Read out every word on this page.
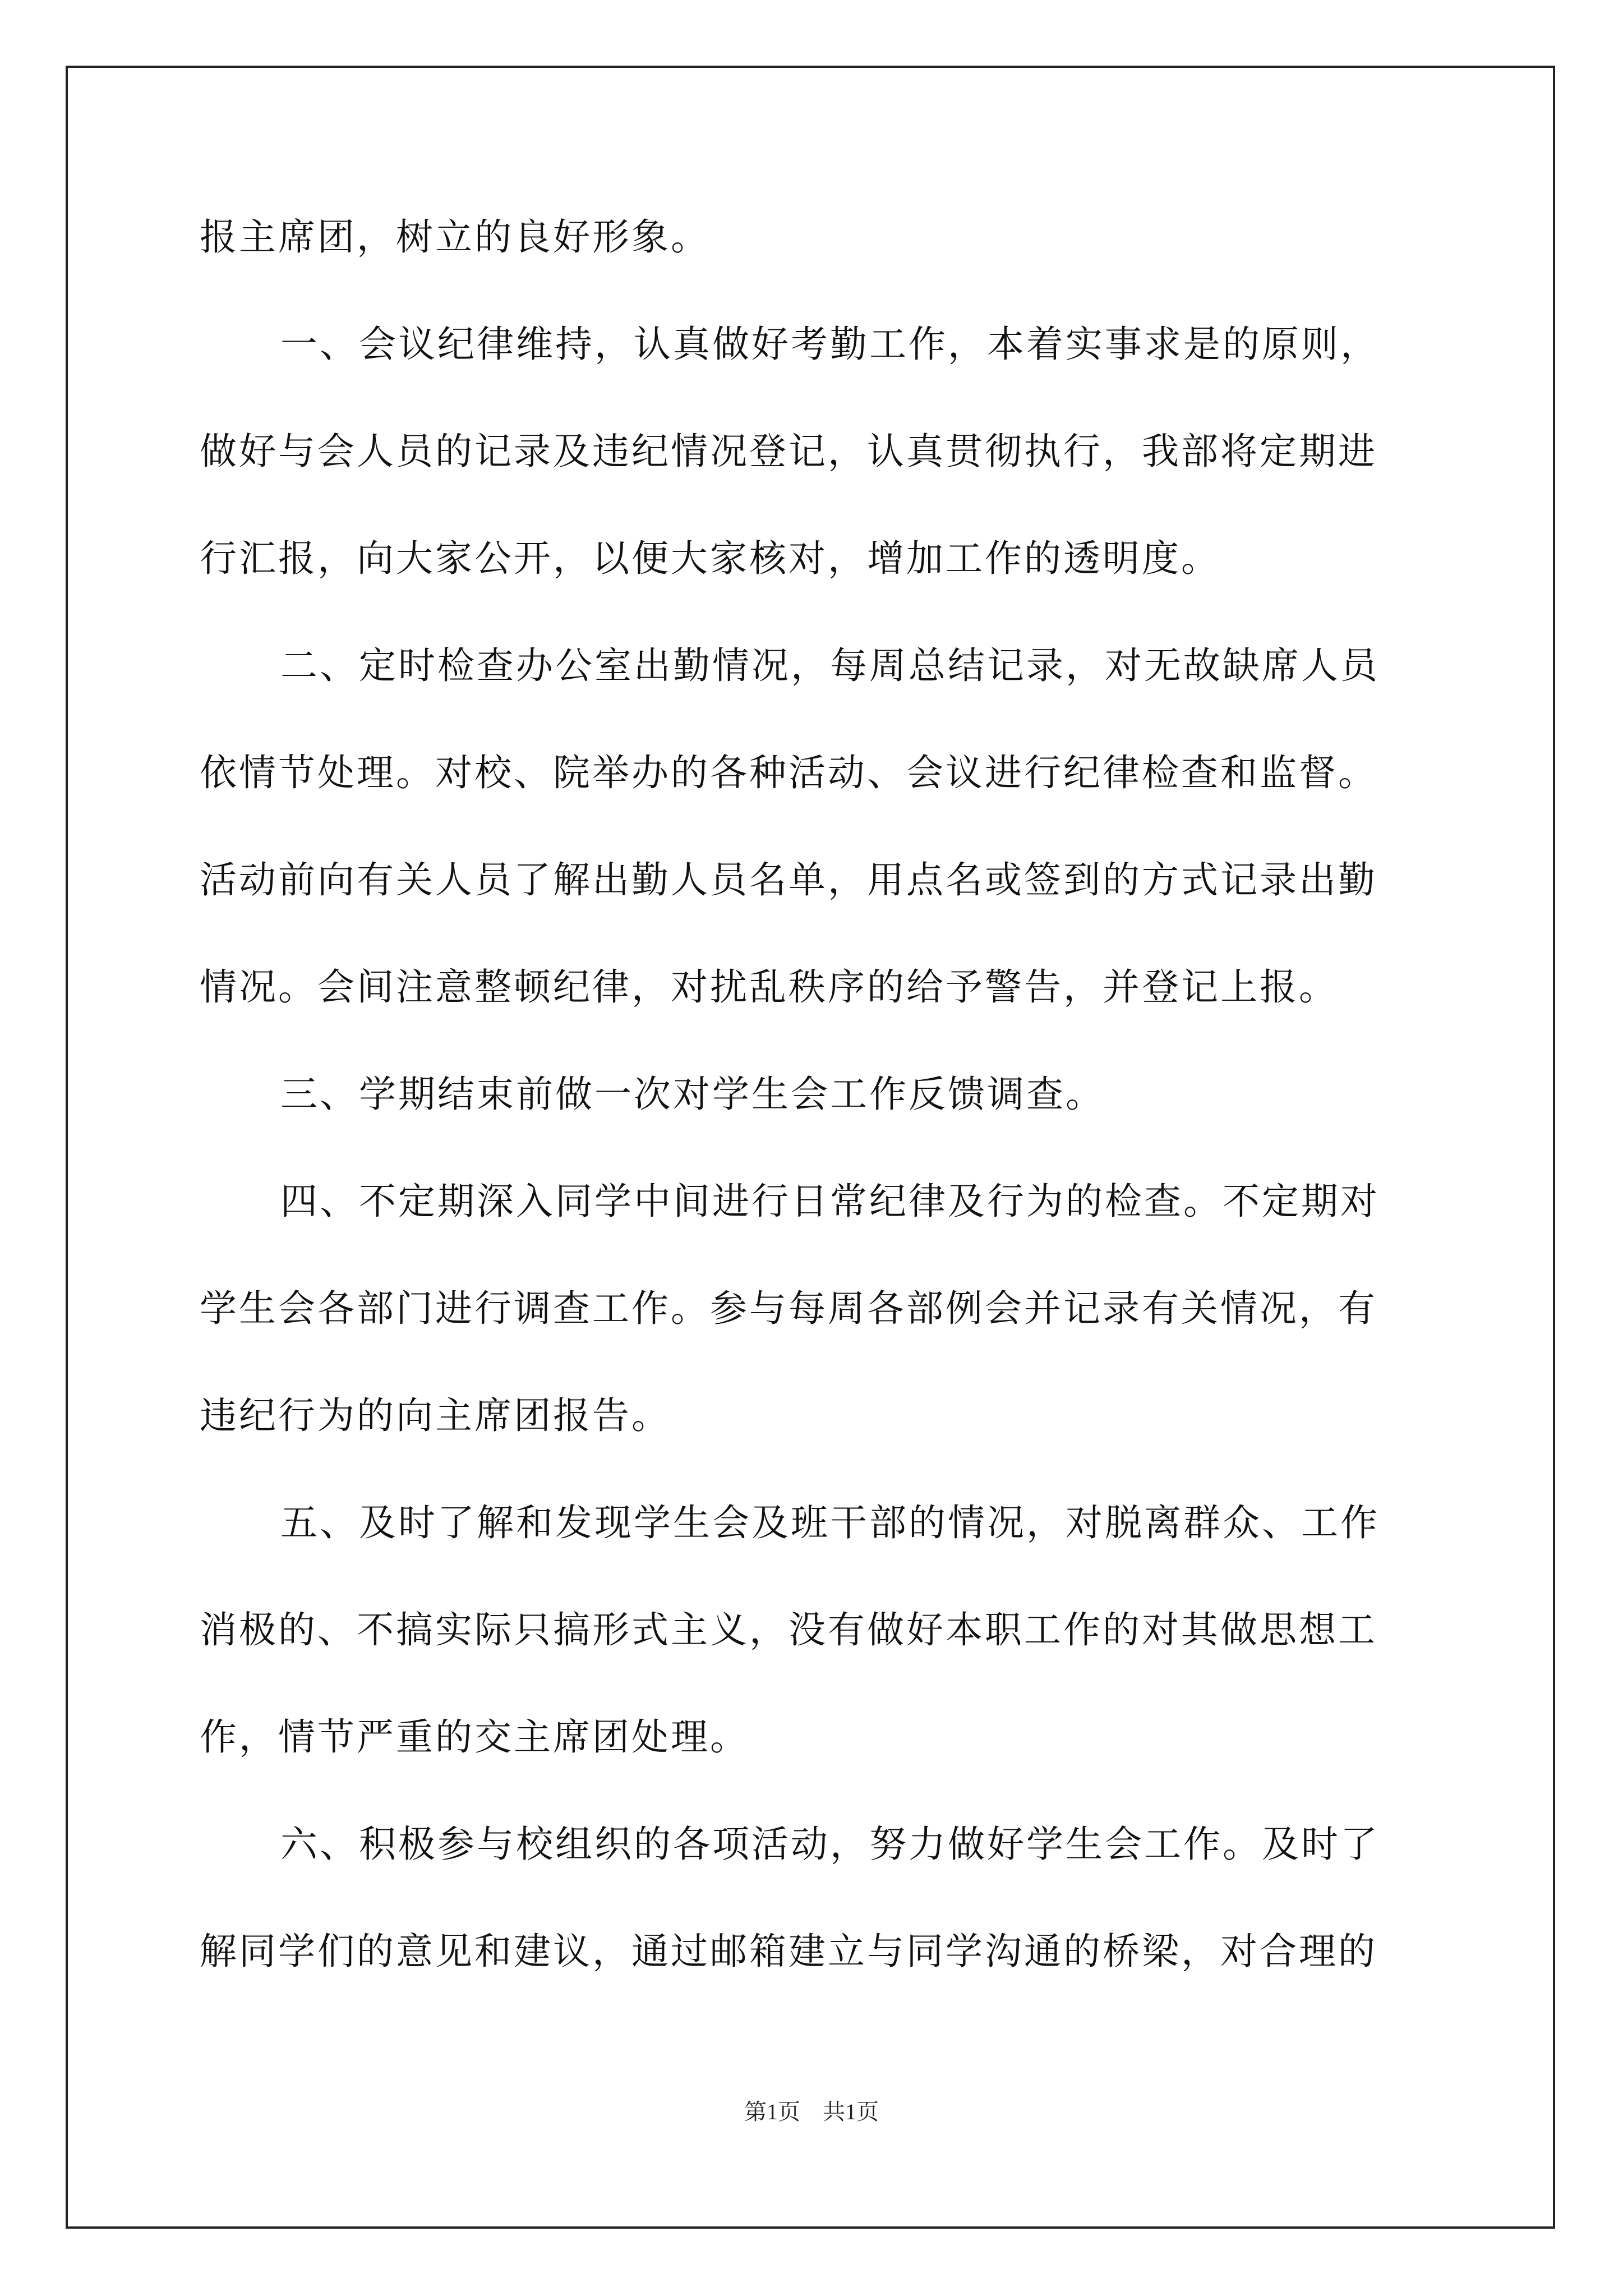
报主席团，树立的良好形象。
一、会议纪律维持，认真做好考勤工作，本着实事求是的原则，
做好与会人员的记录及违纪情况登记，认真贯彻执行，我部将定期进
行汇报，向大家公开，以便大家核对，增加工作的透明度。
二、定时检查办公室出勤情况，每周总结记录，对无故缺席人员
依情节处理。对校、院举办的各种活动、会议进行纪律检查和监督。
活动前向有关人员了解出勤人员名单，用点名或签到的方式记录出勤
情况。会间注意整顿纪律，对扰乱秩序的给予警告，并登记上报。
三、学期结束前做一次对学生会工作反馈调查。
四、不定期深入同学中间进行日常纪律及行为的检查。不定期对
学生会各部门进行调查工作。参与每周各部例会并记录有关情况，有
违纪行为的向主席团报告。
五、及时了解和发现学生会及班干部的情况，对脱离群众、工作
消极的、不搞实际只搞形式主义，没有做好本职工作的对其做思想工
作，情节严重的交主席团处理。
六、积极参与校组织的各项活动，努力做好学生会工作。及时了
解同学们的意见和建议，通过邮箱建立与同学沟通的桥梁，对合理的
第1页 共1页
